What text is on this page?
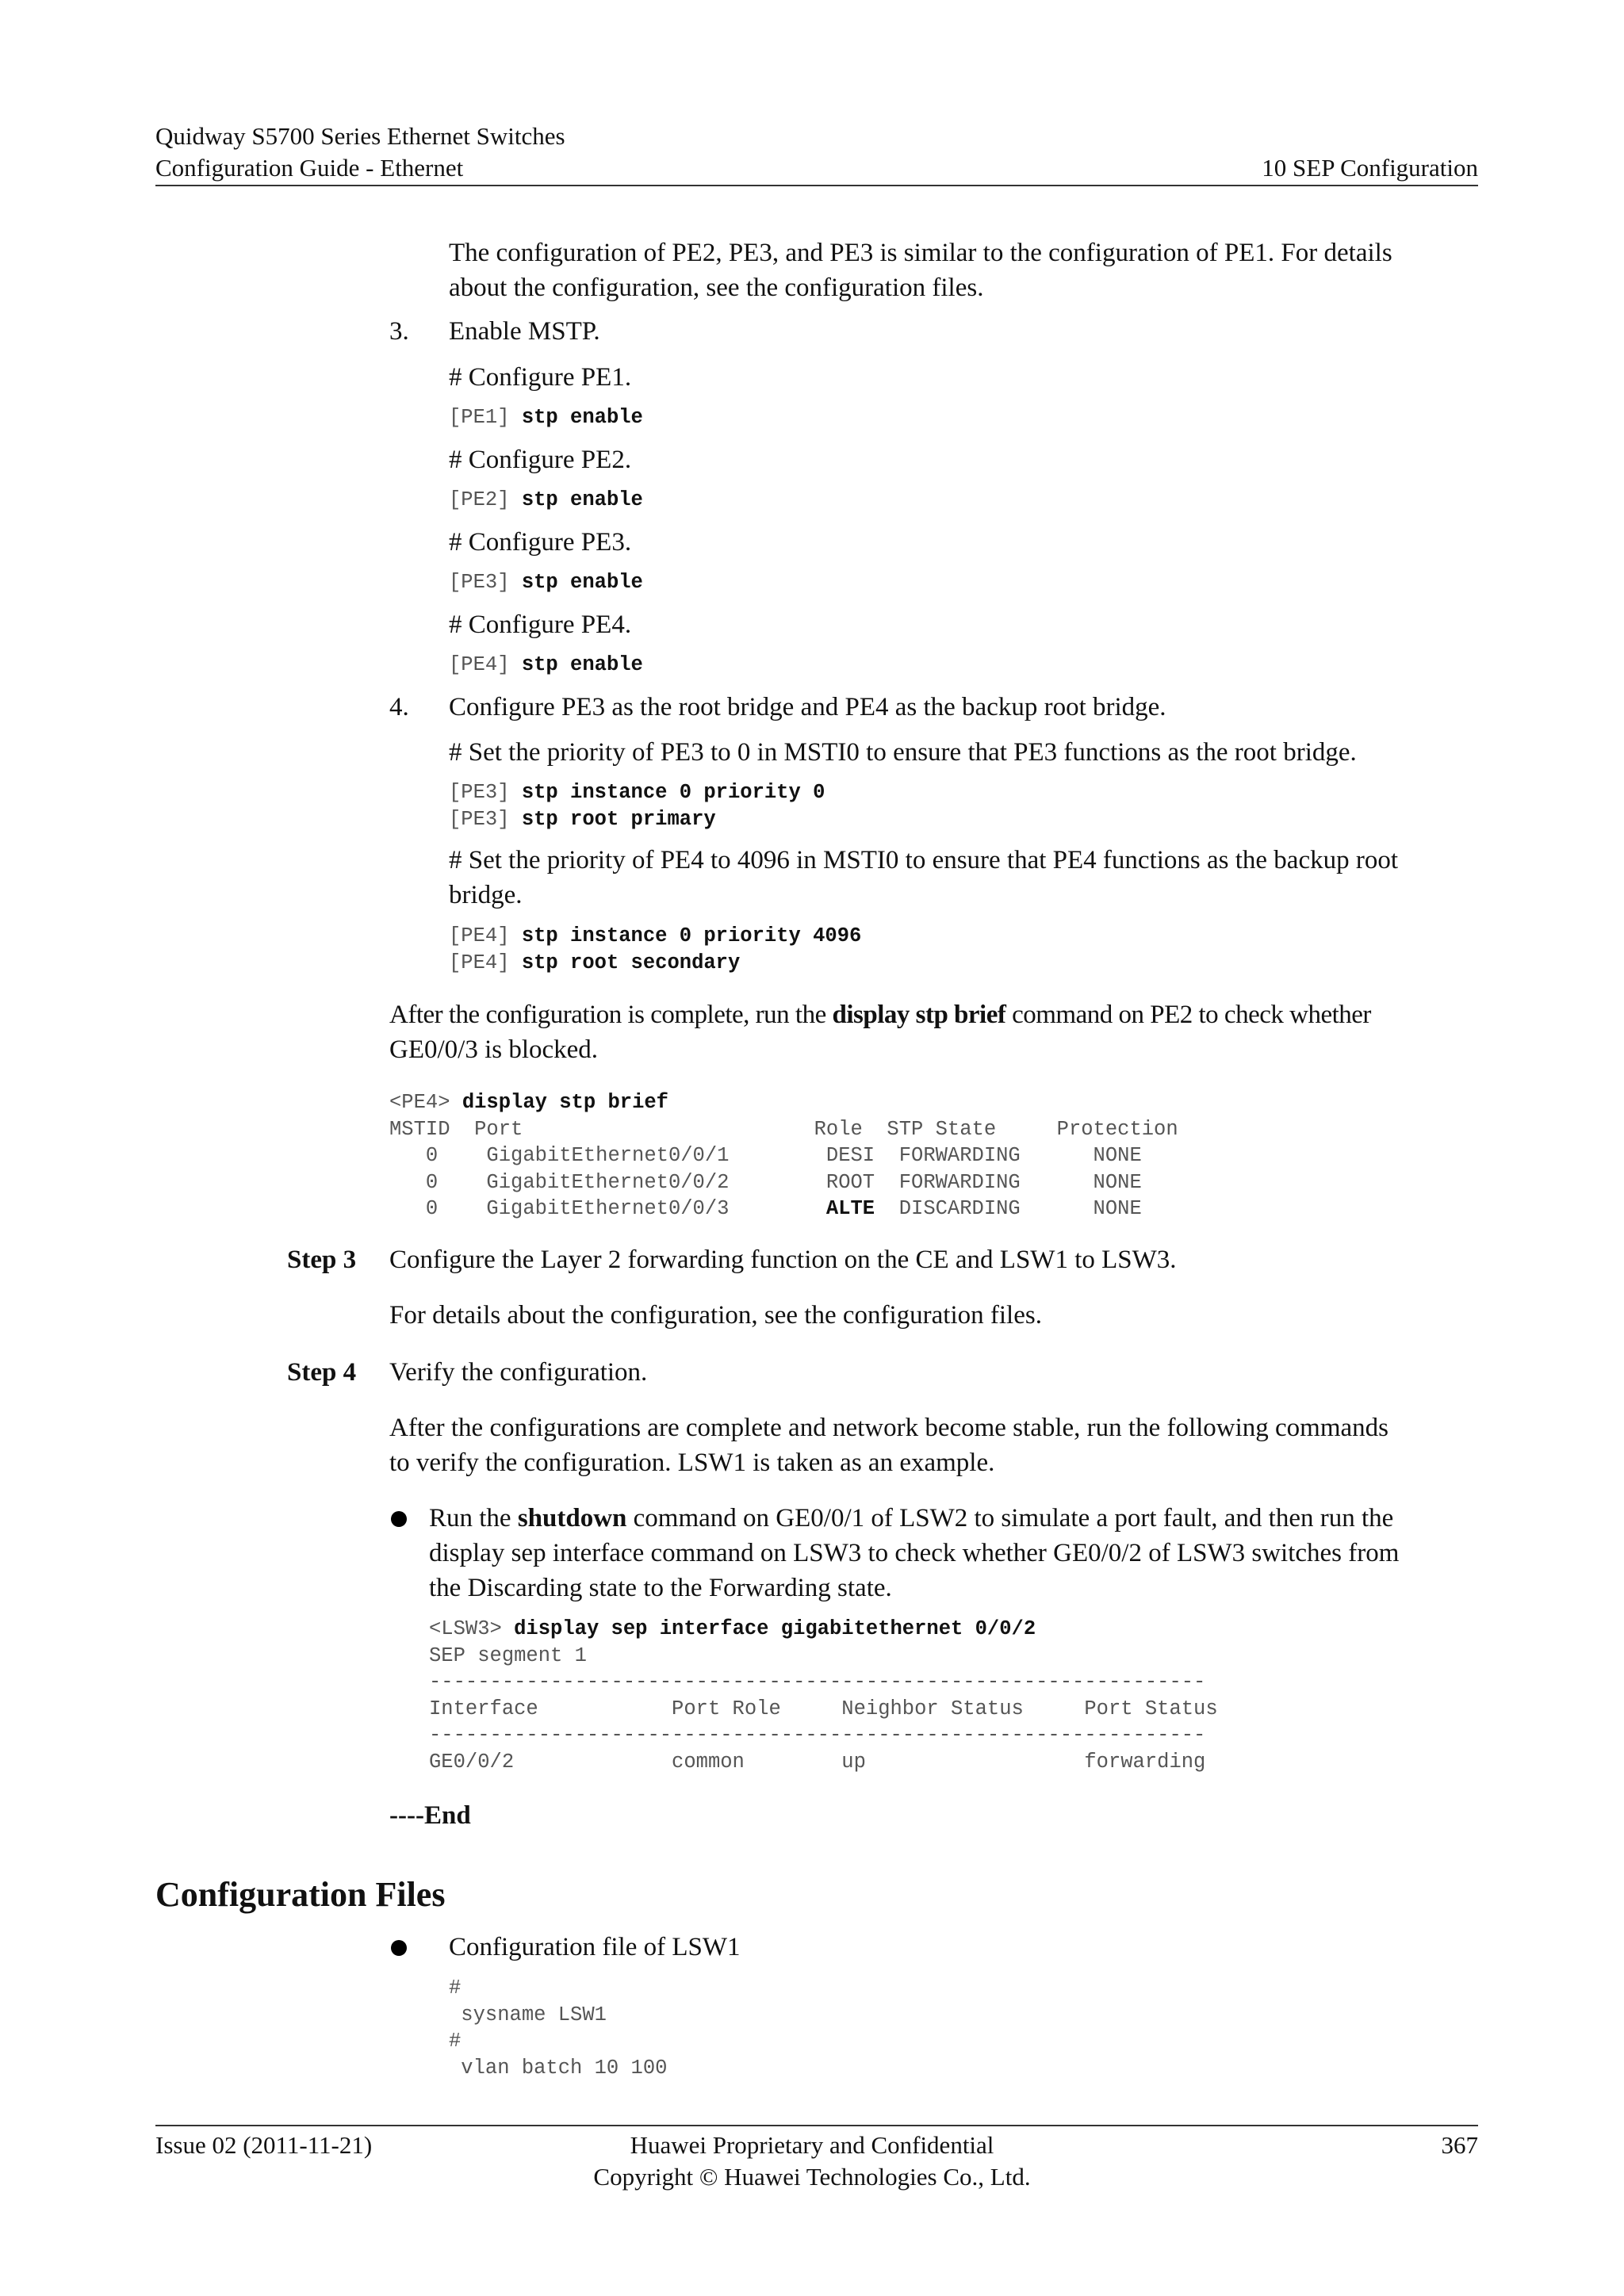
Quidway S5700 Series Ethernet Switches
Configuration Guide - Ethernet	10 SEP Configuration
The configuration of PE2, PE3, and PE3 is similar to the configuration of PE1. For details
about the configuration, see the configuration files.
3. Enable MSTP.
# Configure PE1.
[PE1] stp enable
# Configure PE2.
[PE2] stp enable
# Configure PE3.
[PE3] stp enable
# Configure PE4.
[PE4] stp enable
4. Configure PE3 as the root bridge and PE4 as the backup root bridge.
# Set the priority of PE3 to 0 in MSTI0 to ensure that PE3 functions as the root bridge.
[PE3] stp instance 0 priority 0
[PE3] stp root primary
# Set the priority of PE4 to 4096 in MSTI0 to ensure that PE4 functions as the backup root
bridge.
[PE4] stp instance 0 priority 4096
[PE4] stp root secondary
After the configuration is complete, run the display stp brief command on PE2 to check whether
GE0/0/3 is blocked.
<PE4> display stp brief
MSTID  Port                        Role  STP State     Protection
0    GigabitEthernet0/0/1        DESI  FORWARDING      NONE
0    GigabitEthernet0/0/2        ROOT  FORWARDING      NONE
0    GigabitEthernet0/0/3        ALTE  DISCARDING      NONE
Step 3 Configure the Layer 2 forwarding function on the CE and LSW1 to LSW3.
For details about the configuration, see the configuration files.
Step 4 Verify the configuration.
After the configurations are complete and network become stable, run the following commands
to verify the configuration. LSW1 is taken as an example.
Run the shutdown command on GE0/0/1 of LSW2 to simulate a port fault, and then run the
display sep interface command on LSW3 to check whether GE0/0/2 of LSW3 switches from
the Discarding state to the Forwarding state.
<LSW3> display sep interface gigabitethernet 0/0/2
SEP segment 1
----------------------------------------------------------------
Interface           Port Role     Neighbor Status     Port Status
----------------------------------------------------------------
GE0/0/2             common        up                  forwarding
----End
Configuration Files
Configuration file of LSW1
#
sysname LSW1
#
vlan batch 10 100
Issue 02 (2011-11-21)	Huawei Proprietary and Confidential
Copyright © Huawei Technologies Co., Ltd.
367
